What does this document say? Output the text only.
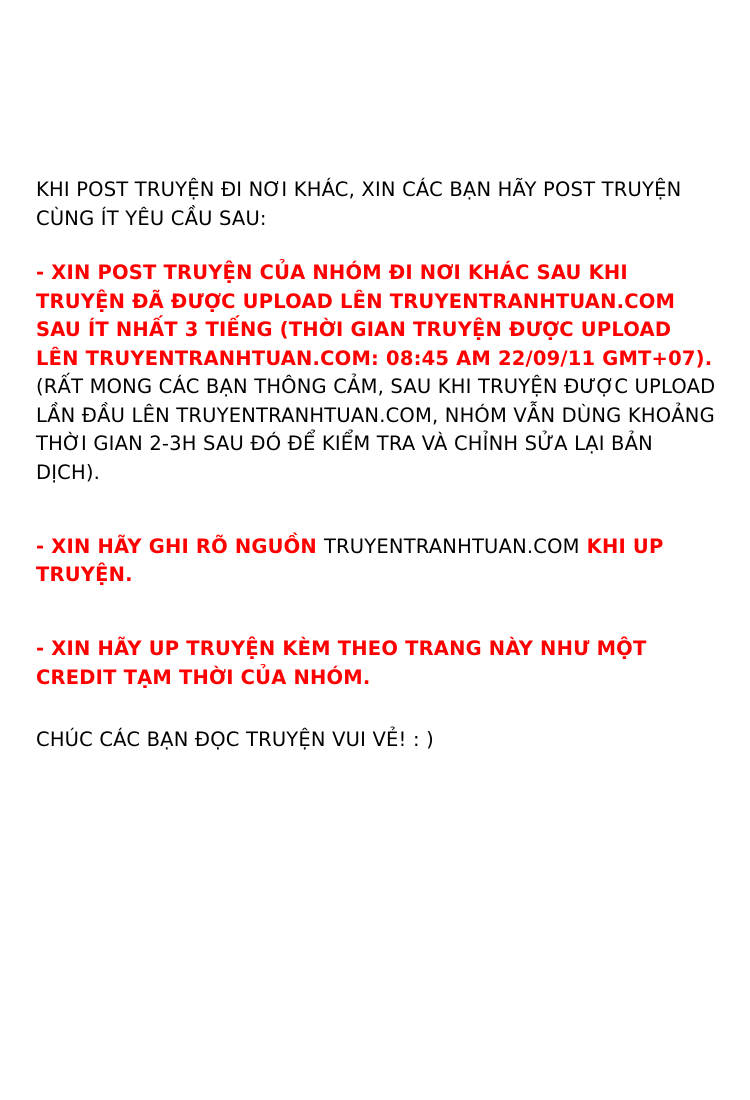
KHI POST TRUYỆN ĐI NƠI KHÁC, XIN CÁC BẠN HÃY POST TRUYỆN CÙNG ÍT YÊU CẦU SAU:

- XIN POST TRUYỆN CỦA NHÓM ĐI NƠI KHÁC SAU KHI TRUYỆN ĐÃ ĐƯỢC UPLOAD LÊN TRUYENTRANHTUAN.COM SAU ÍT NHẤT 3 TIẾNG (THỜI GIAN TRUYỆN ĐƯỢC UPLOAD LÊN TRUYENTRANHTUAN.COM: 08:45 AM 22/09/11 GMT+07).

(RẤT MONG CÁC BẠN THÔNG CẢM, SAU KHI TRUYỆN ĐƯỢC UPLOAD LẦN ĐẦU LÊN TRUYENTRANHTUAN.COM, NHÓM VẪN DÙNG KHOẢNG THỜI GIAN 2-3H SAU ĐÓ ĐỂ KIỂM TRA VÀ CHỈNH SỬA LẠI BẢN DỊCH).

- XIN HÃY GHI RÕ NGUỒN TRUYENTRANHTUAN.COM KHI UP TRUYỆN.

- XIN HÃY UP TRUYỆN KÈM THEO TRANG NÀY NHƯ MỘT CREDIT TẠM THỜI CỦA NHÓM.

CHÚC CÁC BẠN ĐỌC TRUYỆN VUI VẺ! : )
